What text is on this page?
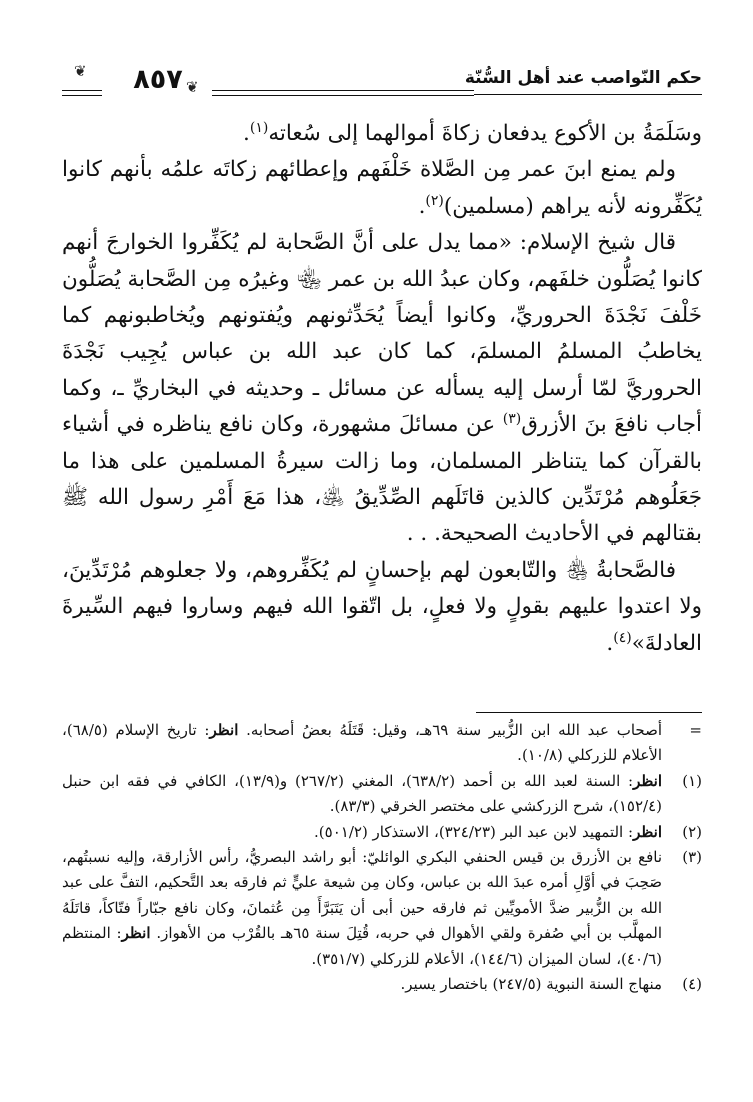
❦ ٨٥٧ ❦	حكم النّواصب عند أهل السُّنّة

وسَلَمَةُ بن الأكوع يدفعان زكاةَ أموالهما إلى سُعاته$^{(١)}$.

ولم يمنع ابنَ عمر مِن الصَّلاة خَلْفَهم وإعطائهم زكاتَه علمُه بأنهم كانوا يُكَفِّرونه لأنه يراهم (مسلمين)$^{(٢)}$.

قال شيخ الإسلام: «مما يدل على أنَّ الصَّحابة لم يُكَفِّروا الخوارجَ أنهم كانوا يُصَلُّون خلفَهم، وكان عبدُ الله بن عمر ﵄ وغيرُه مِن الصَّحابة يُصَلُّون خَلْفَ نَجْدَةَ الحروريِّ، وكانوا أيضاً يُحَدِّثونهم ويُفتونهم ويُخاطبونهم كما يخاطبُ المسلمُ المسلمَ، كما كان عبد الله بن عباس يُجِيب نَجْدَةَ الحروريَّ لمّا أرسل إليه يسأله عن مسائل ـ وحديثه في البخاريِّ ـ، وكما أجاب نافعَ بنَ الأزرق$^{(٣)}$ عن مسائلَ مشهورة، وكان نافع يناظره في أشياء بالقرآن كما يتناظر المسلمان، وما زالت سيرةُ المسلمين على هذا ما جَعَلُوهم مُرْتَدِّين كالذين قاتَلَهم الصِّدِّيقُ ﵁، هذا مَعَ أَمْرِ رسول الله ﷺ بقتالهم في الأحاديث الصحيحة. . .

فالصَّحابةُ ﵃ والتّابعون لهم بإحسانٍ لم يُكَفِّروهم، ولا جعلوهم مُرْتَدِّينَ، ولا اعتدوا عليهم بقولٍ ولا فعلٍ، بل اتّقوا الله فيهم وساروا فيهم السِّيرةَ العادلةَ»$^{(٤)}$.

=
أصحاب عبد الله ابن الزُّبير سنة ٦٩هـ، وقيل: قَتَلَهُ بعضُ أصحابه. انظر: تاريخ الإسلام (٦٨/٥)، الأعلام للزركلي (١٠/٨).

(١)
انظر: السنة لعبد الله بن أحمد (٦٣٨/٢)، المغني (٢٦٧/٢) و(١٣/٩)، الكافي في فقه ابن حنبل (١٥٢/٤)، شرح الزركشي على مختصر الخرقي (٨٣/٣).

(٢)
انظر: التمهيد لابن عبد البر (٣٢٤/٢٣)، الاستذكار (٥٠١/٢).

(٣)
نافع بن الأزرق بن قيس الحنفي البكري الوائليّ: أبو راشد البصريُّ، رأس الأزارقة، وإليه نسبتُهم، صَحِبَ في أوَّلِ أمره عبدَ الله بن عباس، وكان مِن شيعة عليٍّ ثم فارقه بعد التَّحكيم، التفَّ على عبد الله بن الزُّبير ضدَّ الأمويِّين ثم فارقه حين أبى أن يَتَبَرَّأَ مِن عُثمانَ، وكان نافع جبّاراً فتّاكاً، قاتَلَهُ المهلَّب بن أبي صُفرة ولقي الأهوال في حربه، قُتِلَ سنة ٦٥هـ بالقُرْب من الأهواز. انظر: المنتظم (٤٠/٦)، لسان الميزان (١٤٤/٦)، الأعلام للزركلي (٣٥١/٧).

(٤)
منهاج السنة النبوية (٢٤٧/٥) باختصار يسير.
